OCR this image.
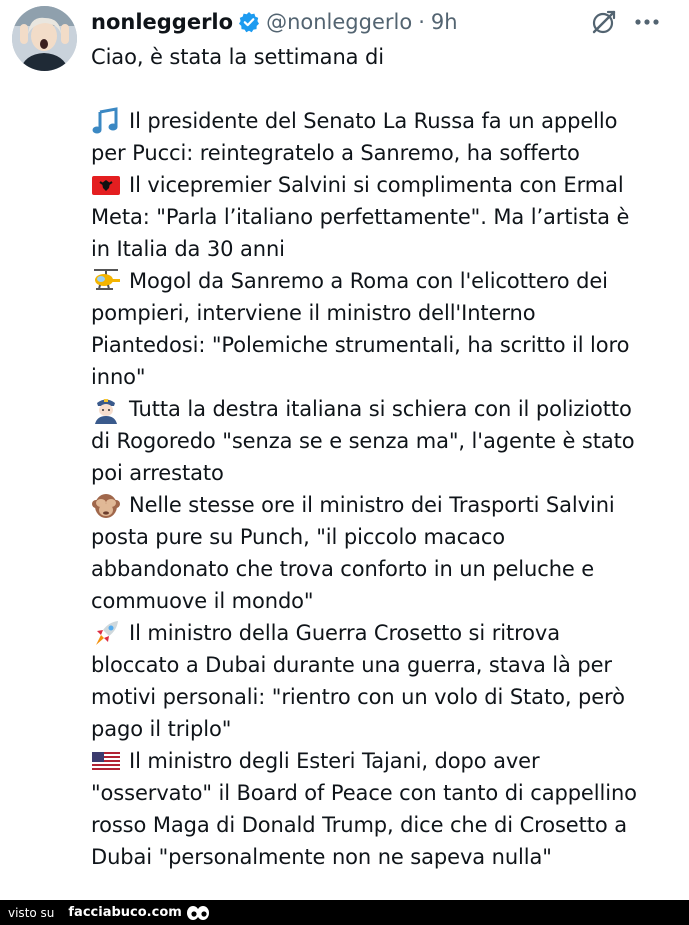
nonleggerlo @nonleggerlo · 9h
Ciao, è stata la settimana di
Il presidente del Senato La Russa fa un appello
per Pucci: reintegratelo a Sanremo, ha sofferto
Il vicepremier Salvini si complimenta con Ermal
Meta: "Parla l’italiano perfettamente". Ma l’artista è
in Italia da 30 anni
Mogol da Sanremo a Roma con l'elicottero dei
pompieri, interviene il ministro dell'Interno
Piantedosi: "Polemiche strumentali, ha scritto il loro
inno"
Tutta la destra italiana si schiera con il poliziotto
di Rogoredo "senza se e senza ma", l'agente è stato
poi arrestato
Nelle stesse ore il ministro dei Trasporti Salvini
posta pure su Punch, "il piccolo macaco
abbandonato che trova conforto in un peluche e
commuove il mondo"
Il ministro della Guerra Crosetto si ritrova
bloccato a Dubai durante una guerra, stava là per
motivi personali: "rientro con un volo di Stato, però
pago il triplo"
Il ministro degli Esteri Tajani, dopo aver
"osservato" il Board of Peace con tanto di cappellino
rosso Maga di Donald Trump, dice che di Crosetto a
Dubai "personalmente non ne sapeva nulla"
visto su facciabuco.com
